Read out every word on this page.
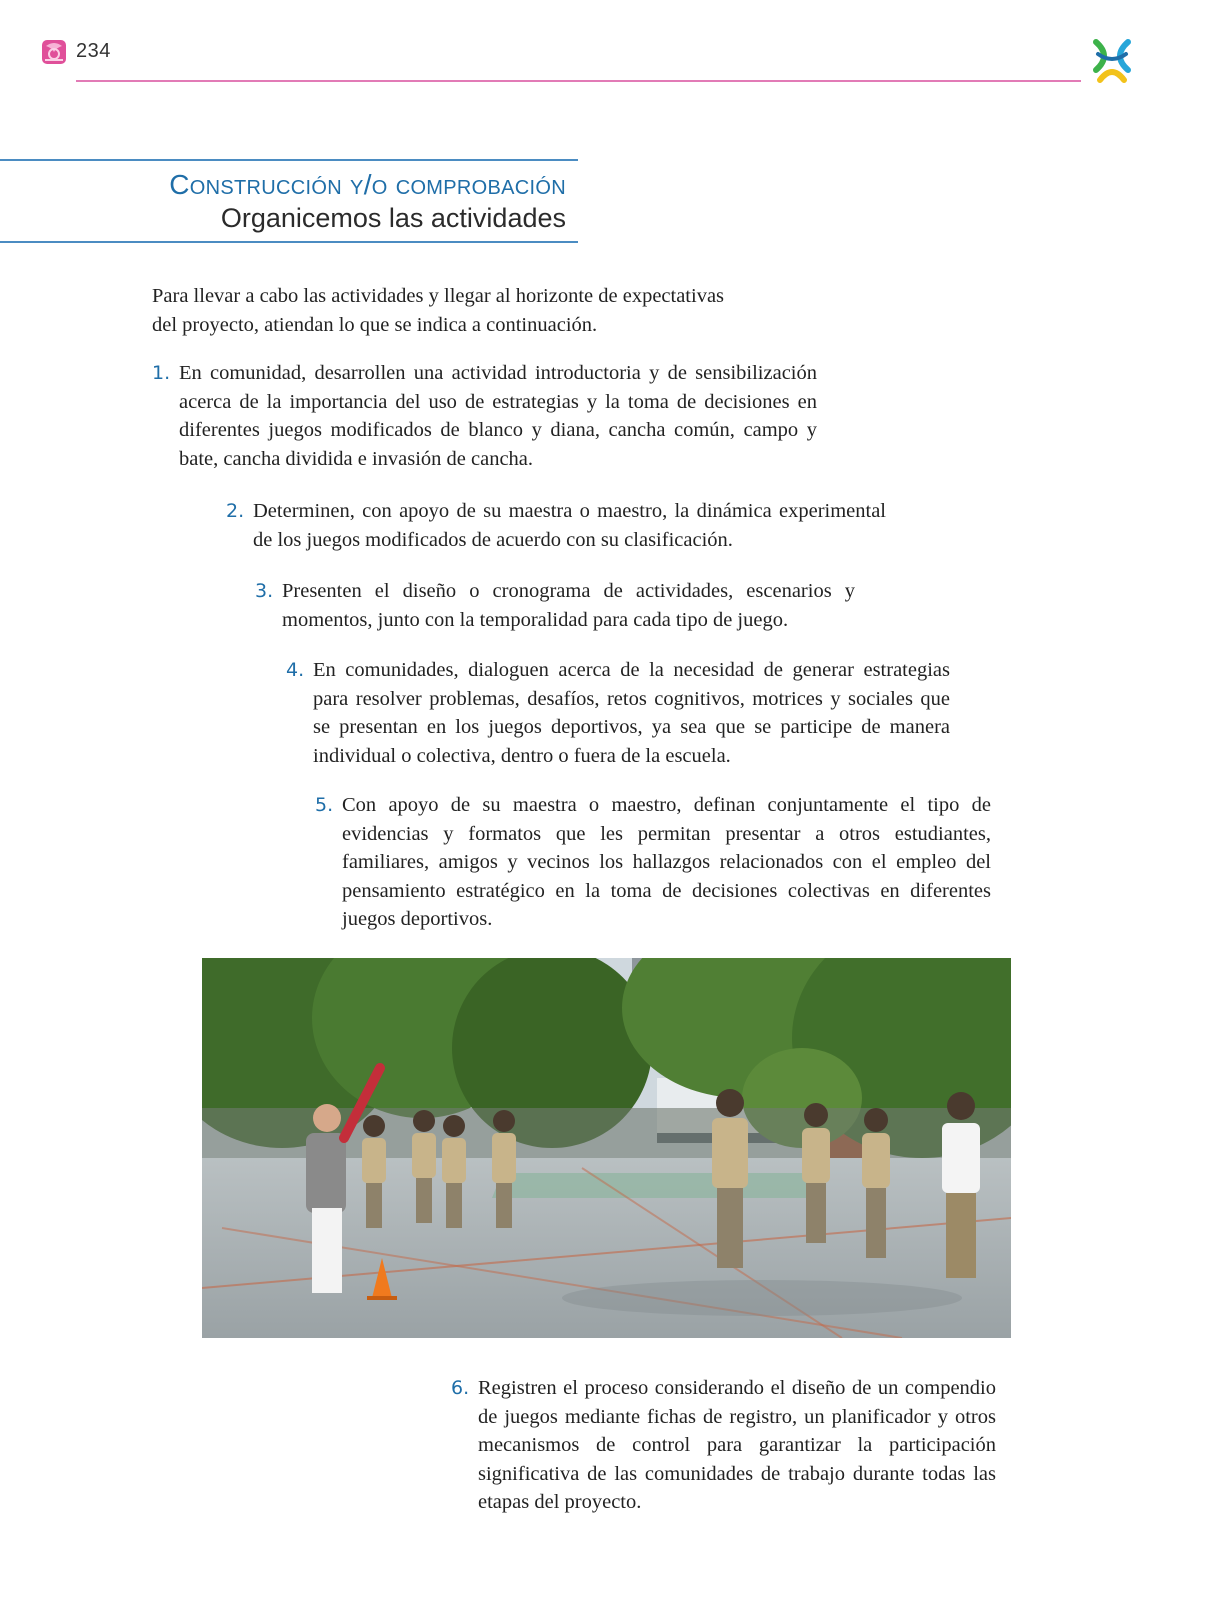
234
Construcción y/o comprobación
Organicemos las actividades

Para llevar a cabo las actividades y llegar al horizonte de expectativas del proyecto, atiendan lo que se indica a continuación.

1. En comunidad, desarrollen una actividad introductoria y de sensibilización acerca de la importancia del uso de estrategias y la toma de decisiones en diferentes juegos modificados de blanco y diana, cancha común, campo y bate, cancha dividida e invasión de cancha.
2. Determinen, con apoyo de su maestra o maestro, la dinámica experimental de los juegos modificados de acuerdo con su clasificación.
3. Presenten el diseño o cronograma de actividades, escenarios y momentos, junto con la temporalidad para cada tipo de juego.
4. En comunidades, dialoguen acerca de la necesidad de generar estrategias para resolver problemas, desafíos, retos cognitivos, motrices y sociales que se presentan en los juegos deportivos, ya sea que se participe de manera individual o colectiva, dentro o fuera de la escuela.
5. Con apoyo de su maestra o maestro, definan conjuntamente el tipo de evidencias y formatos que les permitan presentar a otros estudiantes, familiares, amigos y vecinos los hallazgos relacionados con el empleo del pensamiento estratégico en la toma de decisiones colectivas en diferentes juegos deportivos.
6. Registren el proceso considerando el diseño de un compendio de juegos mediante fichas de registro, un planificador y otros mecanismos de control para garantizar la participación significativa de las comunidades de trabajo durante todas las etapas del proyecto.
